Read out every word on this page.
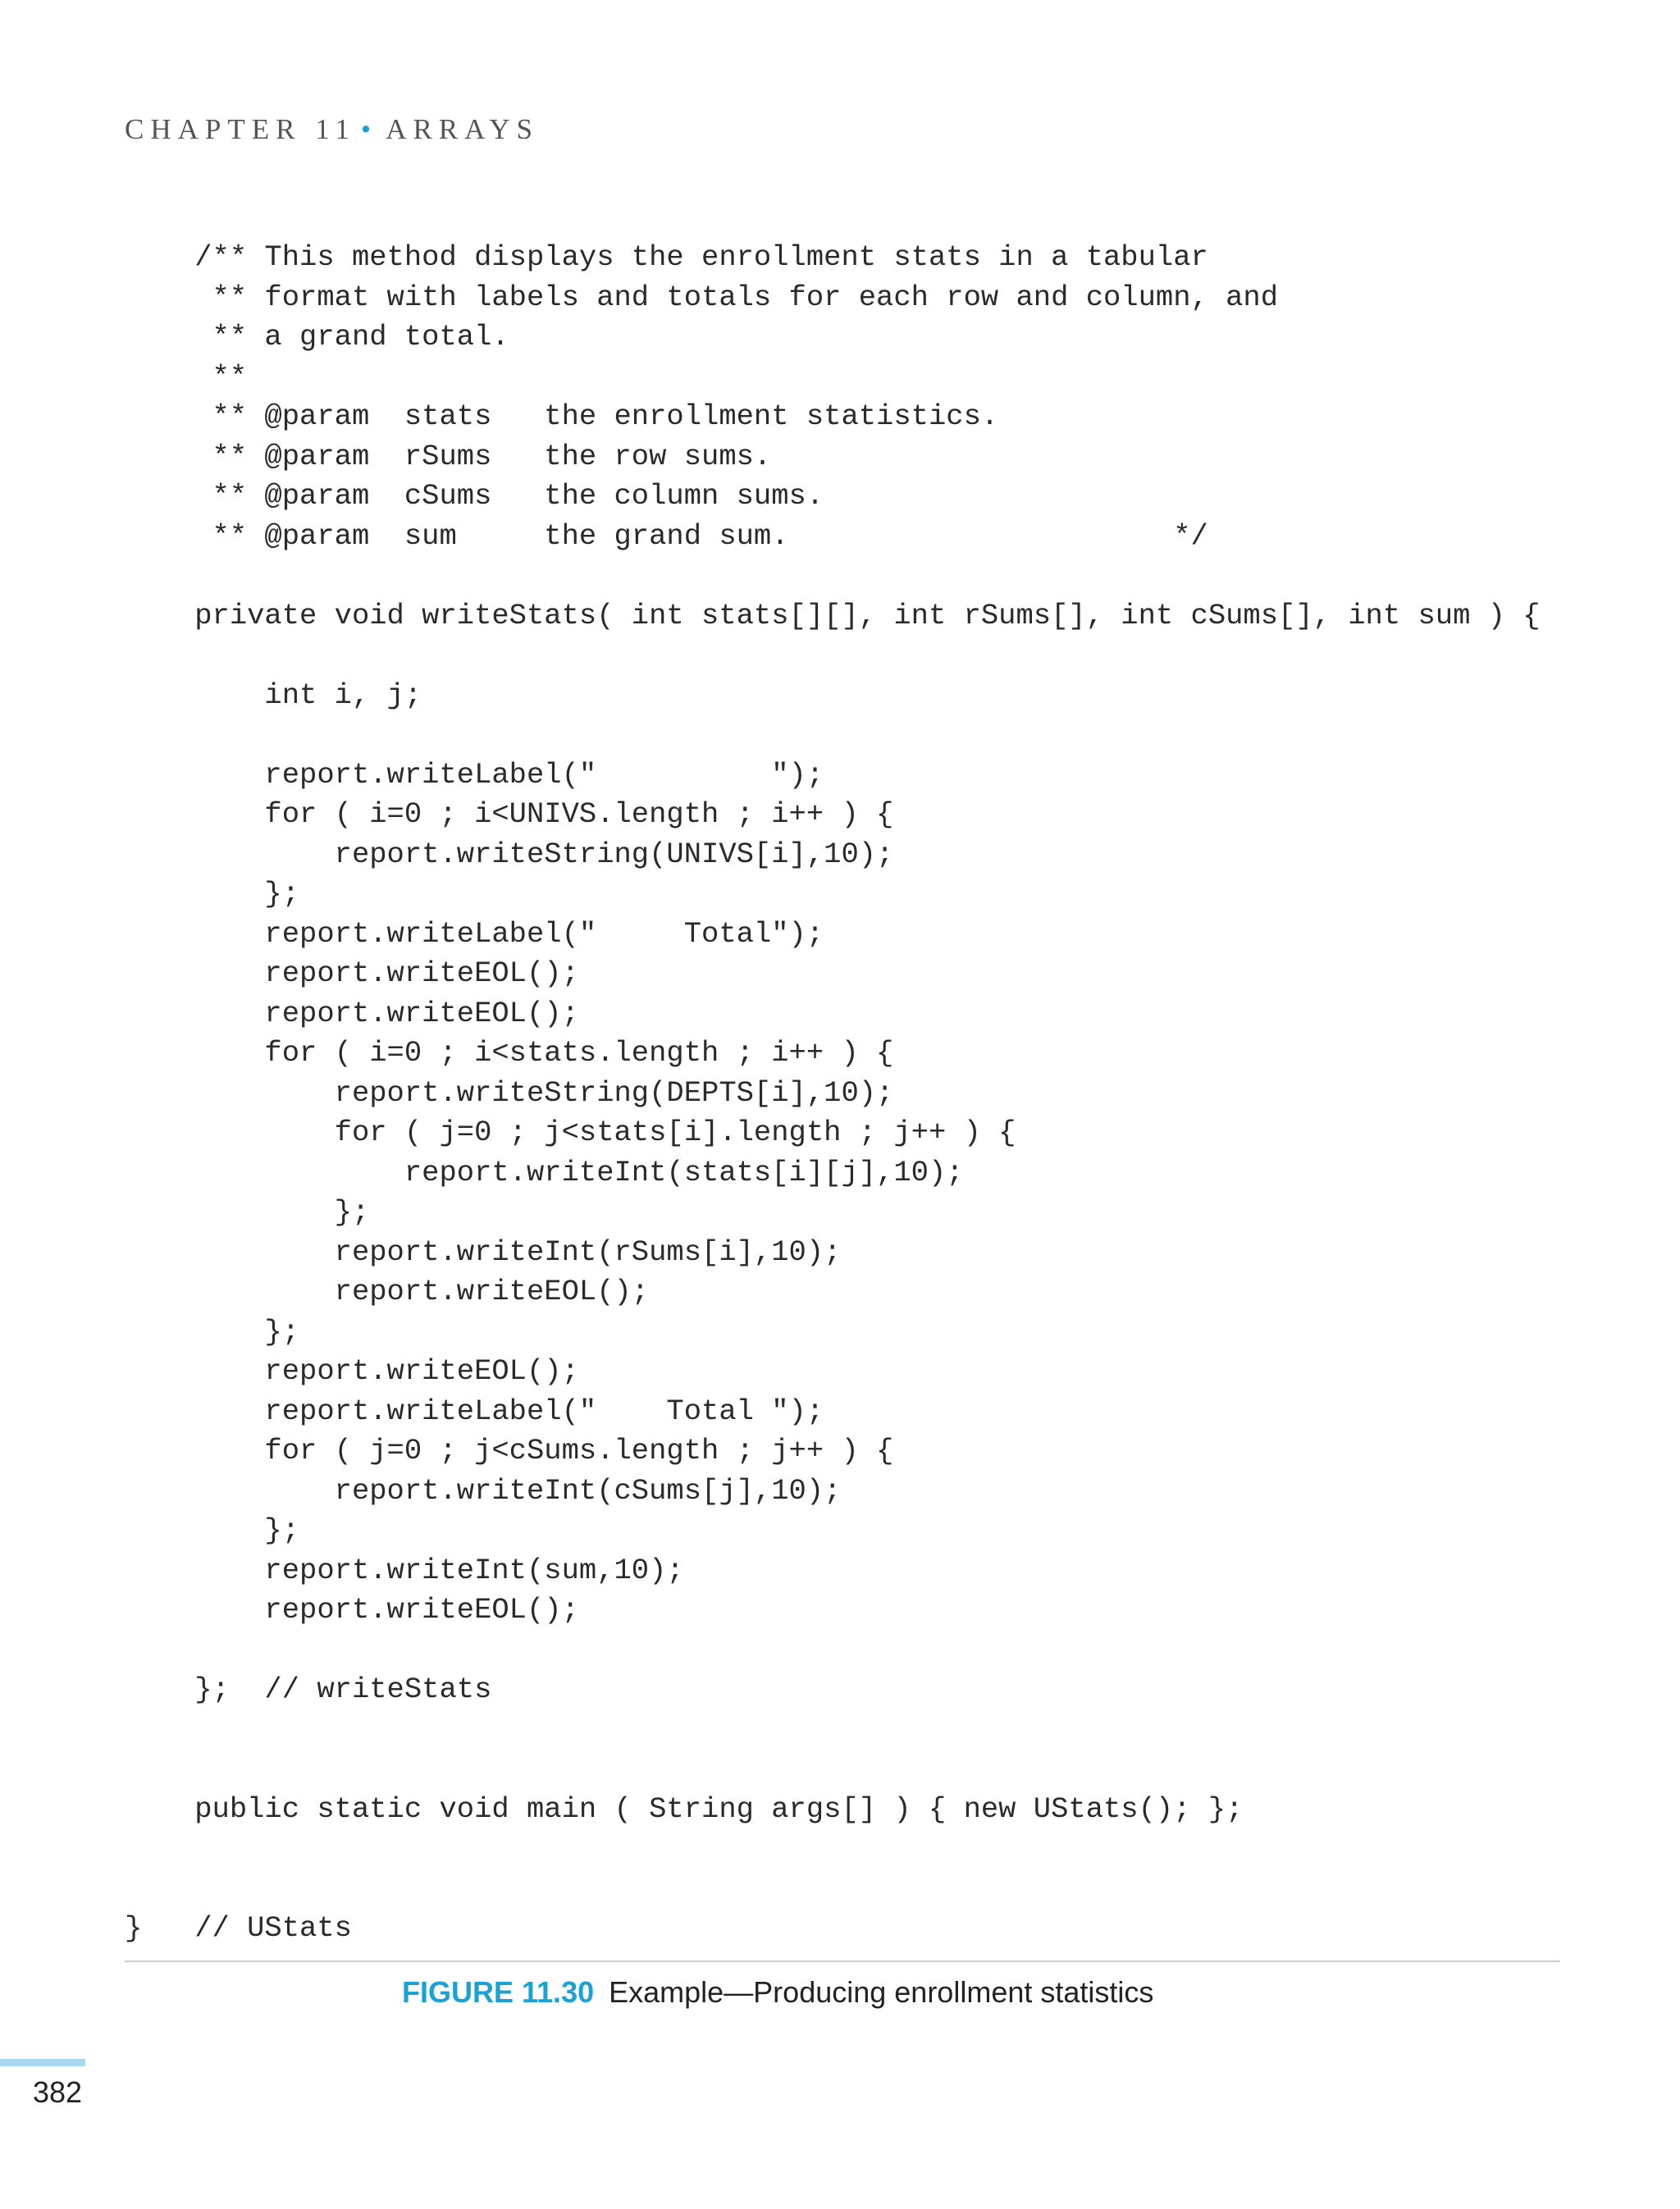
CHAPTER 11 • ARRAYS
/** This method displays the enrollment stats in a tabular
** format with labels and totals for each row and column, and
** a grand total.
**
** @param  stats   the enrollment statistics.
** @param  rSums   the row sums.
** @param  cSums   the column sums.
** @param  sum     the grand sum.                      */
private void writeStats( int stats[][], int rSums[], int cSums[], int sum ) {
int i, j;
report.writeLabel("          ");
for ( i=0 ; i<UNIVS.length ; i++ ) {
report.writeString(UNIVS[i],10);
};
report.writeLabel("     Total");
report.writeEOL();
report.writeEOL();
for ( i=0 ; i<stats.length ; i++ ) {
report.writeString(DEPTS[i],10);
for ( j=0 ; j<stats[i].length ; j++ ) {
report.writeInt(stats[i][j],10);
};
report.writeInt(rSums[i],10);
report.writeEOL();
};
report.writeEOL();
report.writeLabel("    Total ");
for ( j=0 ; j<cSums.length ; j++ ) {
report.writeInt(cSums[j],10);
};
report.writeInt(sum,10);
report.writeEOL();
};  // writeStats
public static void main ( String args[] ) { new UStats(); };
}   // UStats
FIGURE 11.30 Example—Producing enrollment statistics
382
